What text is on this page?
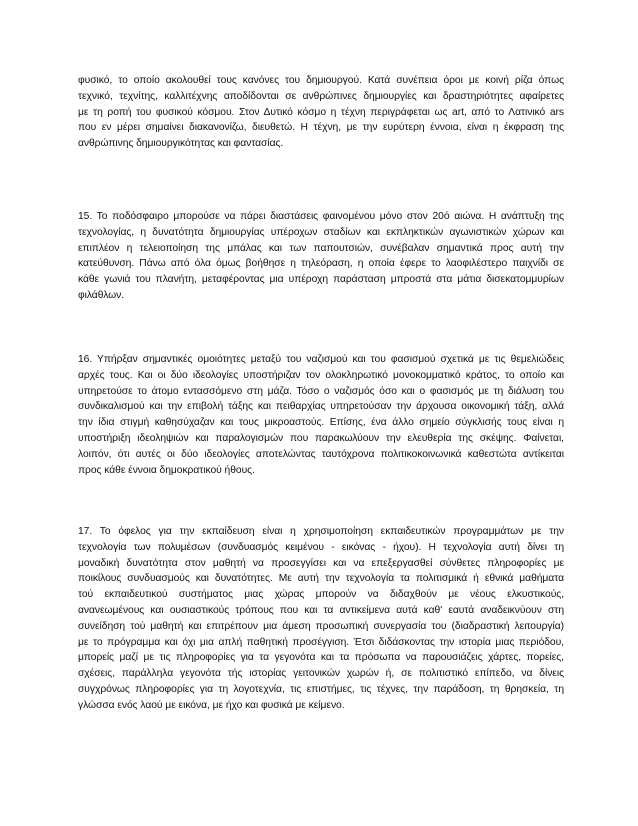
φυσικό, το οποίο ακολουθεί τους κανόνες του δημιουργού. Κατά συνέπεια όροι με κοινή ρίζα όπως
τεχνικό, τεχνίτης, καλλιτέχνης αποδίδονται σε ανθρώπινες δημιουργίες και δραστηριότητες αφαίρετες
με τη ροπή του φυσικού κόσμου. Στον Δυτικό κόσμο η τέχνη περιγράφεται ως art, από το Λατινικό ars
που εν μέρει σημαίνει διακανονίζω, διευθετώ. Η τέχνη, με την ευρύτερη έννοια, είναι η έκφραση της
ανθρώπινης δημιουργικότητας και φαντασίας.
15. Το ποδόσφαιρο μπορούσε να πάρει διαστάσεις φαινομένου μόνο στον 20ό αιώνα. Η ανάπτυξη της
τεχνολογίας, η δυνατότητα δημιουργίας υπέροχων σταδίων και εκπληκτικών αγωνιστικών χώρων και
επιπλέον η τελειοποίηση της μπάλας και των παπουτσιών, συνέβαλαν σημαντικά προς αυτή την
κατεύθυνση. Πάνω από όλα όμως βοήθησε η τηλεόραση, η οποία έφερε το λαοφιλέστερο παιχνίδι σε
κάθε γωνιά του πλανήτη, μεταφέροντας μια υπέροχη παράσταση μπροστά στα μάτια δισεκατομμυρίων
φιλάθλων.
16. Υπήρξαν σημαντικές ομοιότητες μεταξύ του ναζισμού και του φασισμού σχετικά με τις θεμελιώδεις
αρχές τους. Και οι δύο ιδεολογίες υποστήριζαν τον ολοκληρωτικό μονοκομματικό κράτος, το οποίο και
υπηρετούσε το άτομο εντασσόμενο στη μάζα. Τόσο ο ναζισμός όσο και ο φασισμός με τη διάλυση του
συνδικαλισμού και την επιβολή τάξης και πειθαρχίας υπηρετούσαν την άρχουσα οικονομική τάξη, αλλά
την ίδια στιγμή καθησύχαζαν και τους μικροαστούς. Επίσης, ένα άλλο σημείο σύγκλισής τους είναι η
υποστήριξη ιδεοληψιών και παραλογισμών που παρακωλύουν την ελευθερία της σκέψης. Φαίνεται,
λοιπόν, ότι αυτές οι δύο ιδεολογίες αποτελώντας ταυτόχρονα πολιτικοκοινωνικά καθεστώτα αντίκειται
προς κάθε έννοια δημοκρατικού ήθους.
17. Το όφελος για την εκπαίδευση είναι η χρησιμοποίηση εκπαιδευτικών προγραμμάτων με την
τεχνολογία των πολυμέσων (συνδυασμός κειμένου - εικόνας - ήχου). Η τεχνολογία αυτή δίνει τη
μοναδική δυνατότητα στον μαθητή να προσεγγίσει και να επεξεργασθεί σύνθετες πληροφορίες με
ποικίλους συνδυασμούς και δυνατότητες. Με αυτή την τεχνολογία τα πολιτισμικά ή εθνικά μαθήματα
τού εκπαιδευτικού συστήματος μιας χώρας μπορούν να διδαχθούν με νέους ελκυστικούς,
ανανεωμένους και ουσιαστικούς τρόπους που και τα αντικείμενα αυτά καθ' εαυτά αναδεικνύουν στη
συνείδηση τού μαθητή και επιτρέπουν μια άμεση προσωπική συνεργασία του (διαδραστική λειτουργία)
με το πρόγραμμα και όχι μια απλή παθητική προσέγγιση. Έτσι διδάσκοντας την ιστορία μιας περιόδου,
μπορείς μαζί με τις πληροφορίες για τα γεγονότα και τα πρόσωπα να παρουσιάζεις χάρτες, πορείες,
σχέσεις, παράλληλα γεγονότα τής ιστορίας γειτονικών χωρών ή, σε πολιτιστικό επίπεδο, να δίνεις
συγχρόνως πληροφορίες για τη λογοτεχνία, τις επιστήμες, τις τέχνες, την παράδοση, τη θρησκεία, τη
γλώσσα ενός λαού με εικόνα, με ήχο και φυσικά με κείμενο.
